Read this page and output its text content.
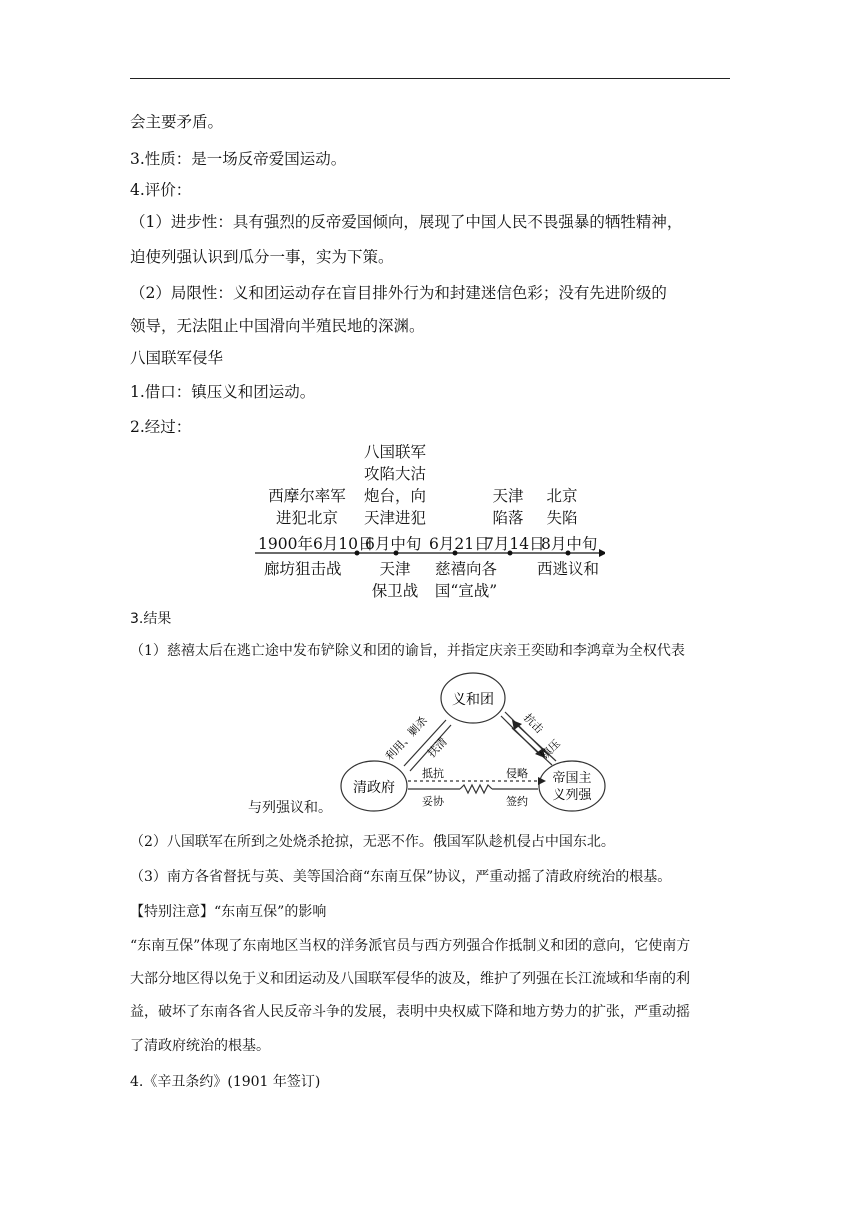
会主要矛盾。
3.性质：是一场反帝爱国运动。
4.评价：
（1）进步性：具有强烈的反帝爱国倾向，展现了中国人民不畏强暴的牺牲精神，
迫使列强认识到瓜分一事，实为下策。
（2）局限性：义和团运动存在盲目排外行为和封建迷信色彩；没有先进阶级的
领导，无法阻止中国滑向半殖民地的深渊。
八国联军侵华
1.借口：镇压义和团运动。
2.经过：
西摩尔率军
进犯北京
八国联军
攻陷大沽
炮台，向
天津进犯
天津
陷落
北京
失陷
1900年6月10日
6月中旬 6月21日
7月14日
8月中旬
廊坊狙击战	天津
保卫战
慈禧向各
国“宣战”
西逃议和
3.结果
（1）慈禧太后在逃亡途中发布铲除义和团的谕旨，并指定庆亲王奕劻和李鸿章为全权代表
义和团
清政府
帝国主
义列强
利用、剿杀
扶清
抗击
镇压
抵抗
妥协
侵略
签约
与列强议和。
（2）八国联军在所到之处烧杀抢掠，无恶不作。俄国军队趁机侵占中国东北。
（3）南方各省督抚与英、美等国洽商“东南互保”协议，严重动摇了清政府统治的根基。
【特别注意】“东南互保”的影响
“东南互保”体现了东南地区当权的洋务派官员与西方列强合作抵制义和团的意向，它使南方
大部分地区得以免于义和团运动及八国联军侵华的波及，维护了列强在长江流域和华南的利
益，破坏了东南各省人民反帝斗争的发展，表明中央权威下降和地方势力的扩张，严重动摇
了清政府统治的根基。
4.《辛丑条约》(1901 年签订)
